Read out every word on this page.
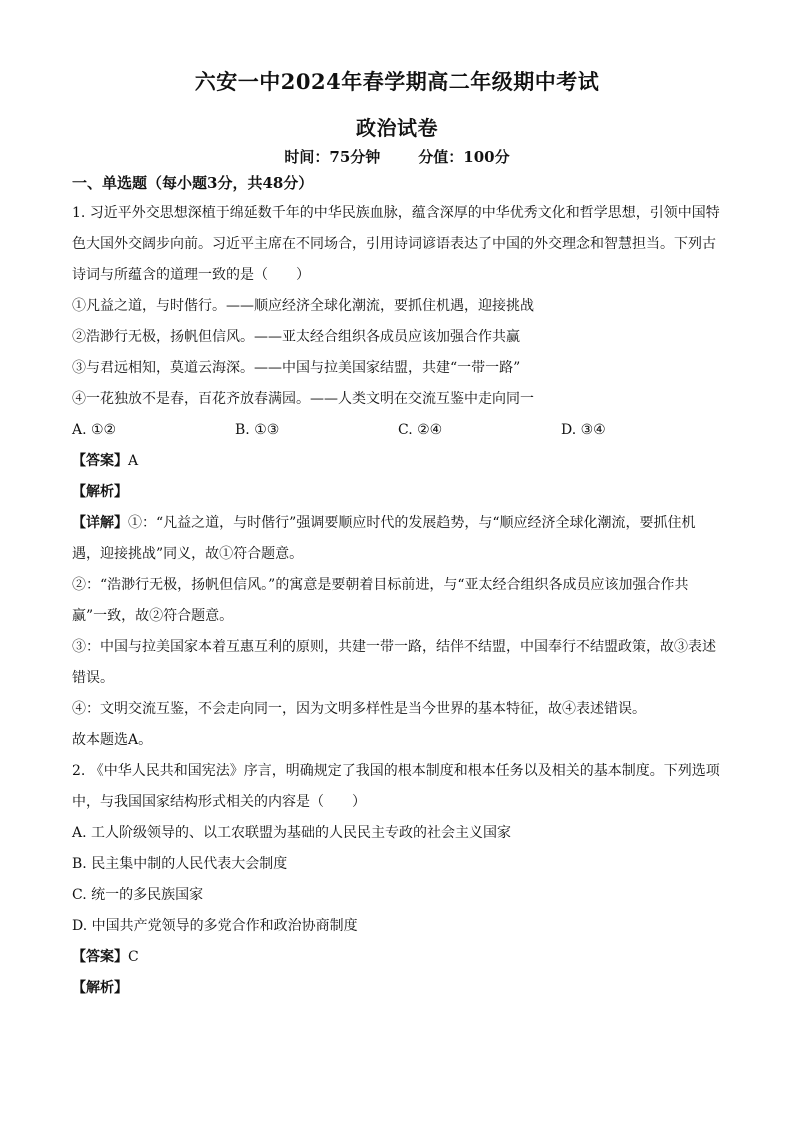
六安一中2024年春学期高二年级期中考试
政治试卷
时间：75分钟	分值：100分
一、单选题（每小题3分，共48分）

1. 习近平外交思想深植于绵延数千年的中华民族血脉，蕴含深厚的中华优秀文化和哲学思想，引领中国特

色大国外交阔步向前。习近平主席在不同场合，引用诗词谚语表达了中国的外交理念和智慧担当。下列古

诗词与所蕴含的道理一致的是（　　）

①凡益之道，与时偕行。——顺应经济全球化潮流，要抓住机遇，迎接挑战

②浩渺行无极，扬帆但信风。——亚太经合组织各成员应该加强合作共赢

③与君远相知，莫道云海深。——中国与拉美国家结盟，共建“一带一路”

④一花独放不是春，百花齐放春满园。——人类文明在交流互鉴中走向同一

A. ①②	B. ①③	C. ②④	D. ③④
【答案】A
【解析】

【详解】①：“凡益之道，与时偕行”强调要顺应时代的发展趋势，与“顺应经济全球化潮流，要抓住机

遇，迎接挑战”同义，故①符合题意。

②：“浩渺行无极，扬帆但信风。”的寓意是要朝着目标前进，与“亚太经合组织各成员应该加强合作共

赢”一致，故②符合题意。

③：中国与拉美国家本着互惠互利的原则，共建一带一路，结伴不结盟，中国奉行不结盟政策，故③表述

错误。

④：文明交流互鉴，不会走向同一，因为文明多样性是当今世界的基本特征，故④表述错误。

故本题选A。

2. 《中华人民共和国宪法》序言，明确规定了我国的根本制度和根本任务以及相关的基本制度。下列选项

中，与我国国家结构形式相关的内容是（　　）

A. 工人阶级领导的、以工农联盟为基础的人民民主专政的社会主义国家

B. 民主集中制的人民代表大会制度

C. 统一的多民族国家

D. 中国共产党领导的多党合作和政治协商制度

【答案】C
【解析】
